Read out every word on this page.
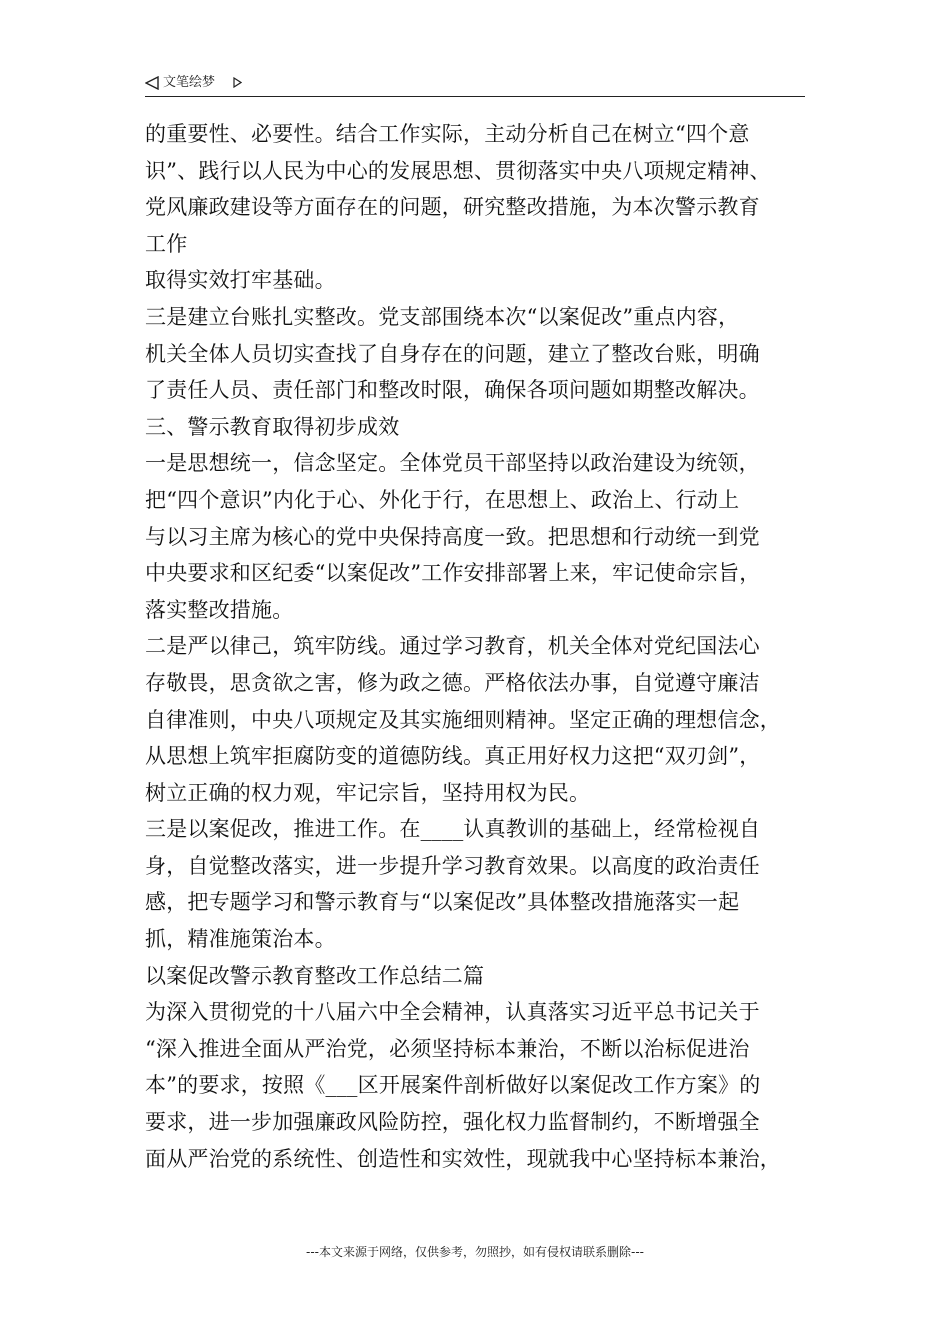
文笔绘梦
的重要性、必要性。结合工作实际，主动分析自己在树立“四个意
识”、践行以人民为中心的发展思想、贯彻落实中央八项规定精神、
党风廉政建设等方面存在的问题，研究整改措施，为本次警示教育
工作
取得实效打牢基础。
三是建立台账扎实整改。党支部围绕本次“以案促改”重点内容，
机关全体人员切实查找了自身存在的问题，建立了整改台账，明确
了责任人员、责任部门和整改时限，确保各项问题如期整改解决。
三、警示教育取得初步成效
一是思想统一，信念坚定。全体党员干部坚持以政治建设为统领，
把“四个意识”内化于心、外化于行，在思想上、政治上、行动上
与以习主席为核心的党中央保持高度一致。把思想和行动统一到党
中央要求和区纪委“以案促改”工作安排部署上来，牢记使命宗旨，
落实整改措施。
二是严以律己，筑牢防线。通过学习教育，机关全体对党纪国法心
存敬畏，思贪欲之害，修为政之德。严格依法办事，自觉遵守廉洁
自律准则，中央八项规定及其实施细则精神。坚定正确的理想信念，
从思想上筑牢拒腐防变的道德防线。真正用好权力这把“双刃剑”，
树立正确的权力观，牢记宗旨，坚持用权为民。
三是以案促改，推进工作。在____认真教训的基础上，经常检视自
身，自觉整改落实，进一步提升学习教育效果。以高度的政治责任
感，把专题学习和警示教育与“以案促改”具体整改措施落实一起
抓，精准施策治本。
以案促改警示教育整改工作总结二篇
为深入贯彻党的十八届六中全会精神，认真落实习近平总书记关于
“深入推进全面从严治党，必须坚持标本兼治，不断以治标促进治
本”的要求，按照《___区开展案件剖析做好以案促改工作方案》的
要求，进一步加强廉政风险防控，强化权力监督制约，不断增强全
面从严治党的系统性、创造性和实效性，现就我中心坚持标本兼治，
---本文来源于网络，仅供参考，勿照抄，如有侵权请联系删除---
